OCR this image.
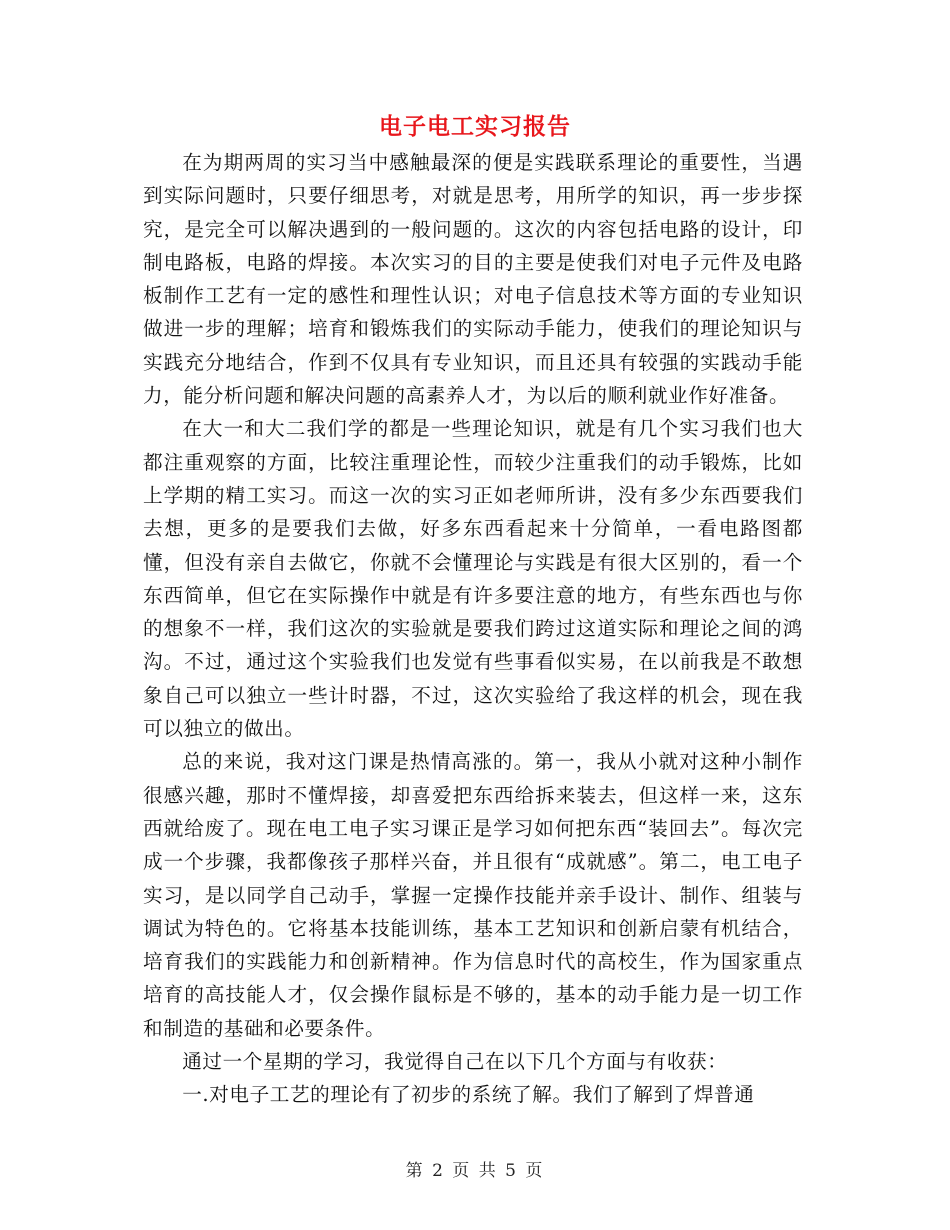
电子电工实习报告

在为期两周的实习当中感触最深的便是实践联系理论的重要性，当遇到实际问题时，只要仔细思考，对就是思考，用所学的知识，再一步步探究，是完全可以解决遇到的一般问题的。这次的内容包括电路的设计，印制电路板，电路的焊接。本次实习的目的主要是使我们对电子元件及电路板制作工艺有一定的感性和理性认识；对电子信息技术等方面的专业知识做进一步的理解；培育和锻炼我们的实际动手能力，使我们的理论知识与实践充分地结合，作到不仅具有专业知识，而且还具有较强的实践动手能力，能分析问题和解决问题的高素养人才，为以后的顺利就业作好准备。

在大一和大二我们学的都是一些理论知识，就是有几个实习我们也大都注重观察的方面，比较注重理论性，而较少注重我们的动手锻炼，比如上学期的精工实习。而这一次的实习正如老师所讲，没有多少东西要我们去想，更多的是要我们去做，好多东西看起来十分简单，一看电路图都懂，但没有亲自去做它，你就不会懂理论与实践是有很大区别的，看一个东西简单，但它在实际操作中就是有许多要注意的地方，有些东西也与你的想象不一样，我们这次的实验就是要我们跨过这道实际和理论之间的鸿沟。不过，通过这个实验我们也发觉有些事看似实易，在以前我是不敢想象自己可以独立一些计时器，不过，这次实验给了我这样的机会，现在我可以独立的做出。

总的来说，我对这门课是热情高涨的。第一，我从小就对这种小制作很感兴趣，那时不懂焊接，却喜爱把东西给拆来装去，但这样一来，这东西就给废了。现在电工电子实习课正是学习如何把东西“装回去”。每次完成一个步骤，我都像孩子那样兴奋，并且很有“成就感”。第二，电工电子实习，是以同学自己动手，掌握一定操作技能并亲手设计、制作、组装与调试为特色的。它将基本技能训练，基本工艺知识和创新启蒙有机结合，培育我们的实践能力和创新精神。作为信息时代的高校生，作为国家重点培育的高技能人才，仅会操作鼠标是不够的，基本的动手能力是一切工作和制造的基础和必要条件。

通过一个星期的学习，我觉得自己在以下几个方面与有收获：

一.对电子工艺的理论有了初步的系统了解。我们了解到了焊普通

第 2 页 共 5 页
